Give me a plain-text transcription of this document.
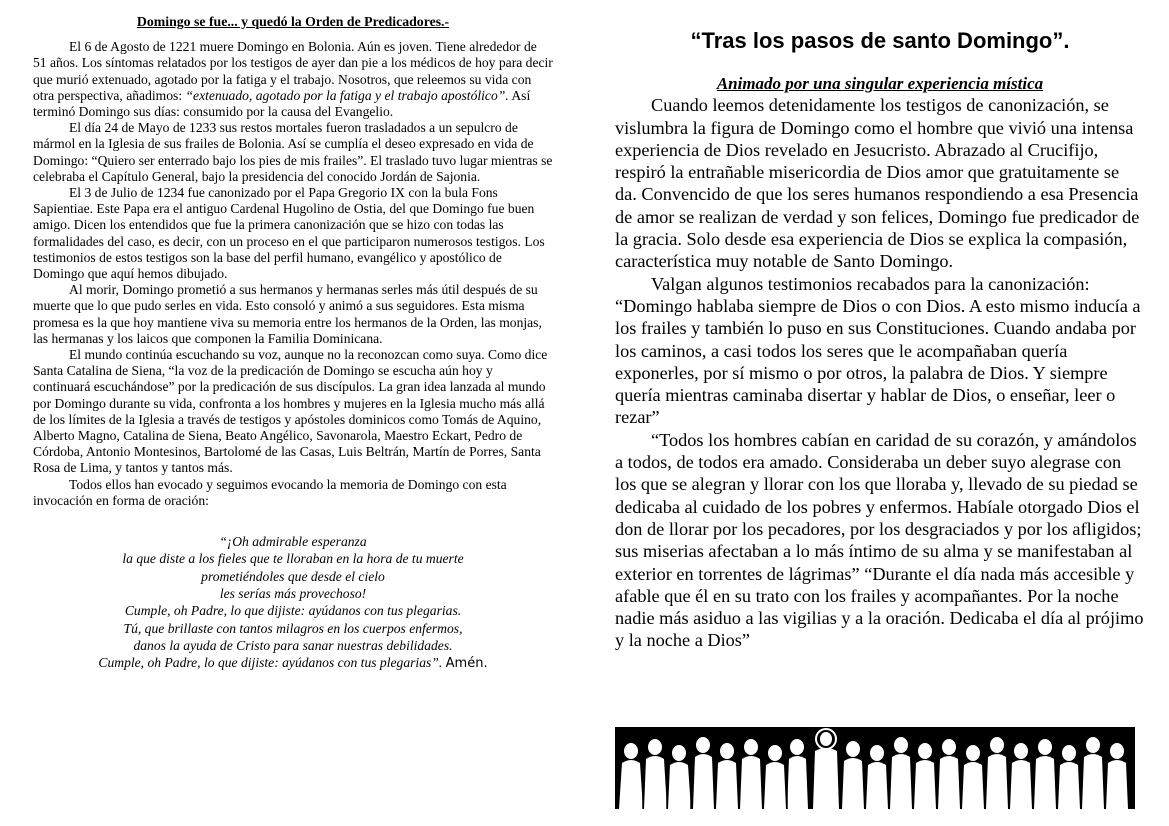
Domingo se fue... y quedó la Orden de Predicadores.-

El 6 de Agosto de 1221 muere Domingo en Bolonia. Aún es joven. Tiene alrededor de 51 años. Los síntomas relatados por los testigos de ayer dan pie a los médicos de hoy para decir que murió extenuado, agotado por la fatiga y el trabajo. Nosotros, que releemos su vida con otra perspectiva, añadimos: “extenuado, agotado por la fatiga y el trabajo apostólico”. Así terminó Domingo sus días: consumido por la causa del Evangelio.

El día 24 de Mayo de 1233 sus restos mortales fueron trasladados a un sepulcro de mármol en la Iglesia de sus frailes de Bolonia. Así se cumplía el deseo expresado en vida de Domingo: “Quiero ser enterrado bajo los pies de mis frailes”. El traslado tuvo lugar mientras se celebraba el Capítulo General, bajo la presidencia del conocido Jordán de Sajonia.

El 3 de Julio de 1234 fue canonizado por el Papa Gregorio IX con la bula Fons Sapientiae. Este Papa era el antiguo Cardenal Hugolino de Ostia, del que Domingo fue buen amigo. Dicen los entendidos que fue la primera canonización que se hizo con todas las formalidades del caso, es decir, con un proceso en el que participaron numerosos testigos. Los testimonios de estos testigos son la base del perfil humano, evangélico y apostólico de Domingo que aquí hemos dibujado.

Al morir, Domingo prometió a sus hermanos y hermanas serles más útil después de su muerte que lo que pudo serles en vida. Esto consoló y animó a sus seguidores. Esta misma promesa es la que hoy mantiene viva su memoria entre los hermanos de la Orden, las monjas, las hermanas y los laicos que componen la Familia Dominicana.

El mundo continúa escuchando su voz, aunque no la reconozcan como suya. Como dice Santa Catalina de Siena, “la voz de la predicación de Domingo se escucha aún hoy y continuará escuchándose” por la predicación de sus discípulos. La gran idea lanzada al mundo por Domingo durante su vida, confronta a los hombres y mujeres en la Iglesia mucho más allá de los límites de la Iglesia a través de testigos y apóstoles dominicos como Tomás de Aquino, Alberto Magno, Catalina de Siena, Beato Angélico, Savonarola, Maestro Eckart, Pedro de Córdoba, Antonio Montesinos, Bartolomé de las Casas, Luis Beltrán, Martín de Porres, Santa Rosa de Lima, y tantos y tantos más.

Todos ellos han evocado y seguimos evocando la memoria de Domingo con esta invocación en forma de oración:

“¡Oh admirable esperanza
la que diste a los fieles que te lloraban en la hora de tu muerte
prometiéndoles que desde el cielo
les serías más provechoso!
Cumple, oh Padre, lo que dijiste: ayúdanos con tus plegarias.
Tú, que brillaste con tantos milagros en los cuerpos enfermos,
danos la ayuda de Cristo para sanar nuestras debilidades.
Cumple, oh Padre, lo que dijiste: ayúdanos con tus plegarias”. Amén.
“Tras los pasos de santo Domingo”.
Animado por una singular experiencia mística

Cuando leemos detenidamente los testigos de canonización, se vislumbra la figura de Domingo como el hombre que vivió una intensa experiencia de Dios revelado en Jesucristo. Abrazado al Crucifijo, respiró la entrañable misericordia de Dios amor que gratuitamente se da. Convencido de que los seres humanos respondiendo a esa Presencia de amor se realizan de verdad y son felices, Domingo fue predicador de la gracia. Solo desde esa experiencia de Dios se explica la compasión, característica muy notable de Santo Domingo.

Valgan algunos testimonios recabados para la canonización: “Domingo hablaba siempre de Dios o con Dios. A esto mismo inducía a los frailes y también lo puso en sus Constituciones. Cuando andaba por los caminos, a casi todos los seres que le acompañaban quería exponerles, por sí mismo o por otros, la palabra de Dios. Y siempre quería mientras caminaba disertar y hablar de Dios, o enseñar, leer o rezar”

“Todos los hombres cabían en caridad de su corazón, y amándolos a todos, de todos era amado. Consideraba un deber suyo alegrase con los que se alegran y llorar con los que lloraba y, llevado de su piedad se dedicaba al cuidado de los pobres y enfermos. Habíale otorgado Dios el don de llorar por los pecadores, por los desgraciados y por los afligidos; sus miserias afectaban a lo más íntimo de su alma y se manifestaban al exterior en torrentes de lágrimas” “Durante el día nada más accesible y afable que él en su trato con los frailes y acompañantes. Por la noche nadie más asiduo a las vigilias y a la oración. Dedicaba el día al prójimo y la noche a Dios”
